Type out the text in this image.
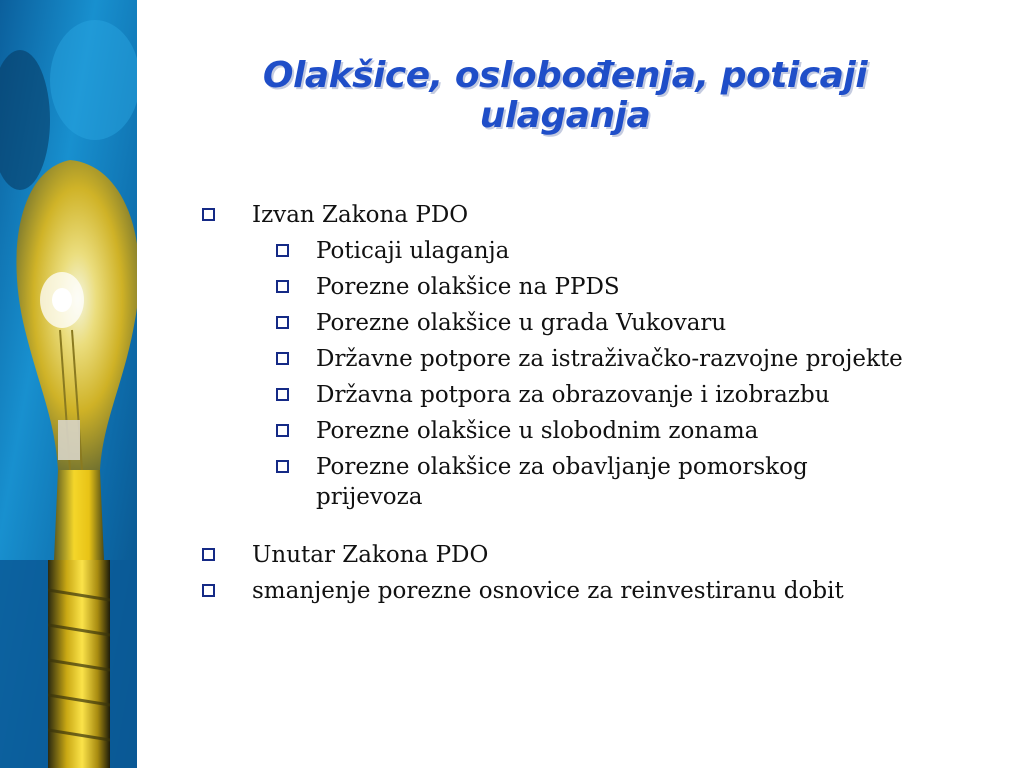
Olakšice, oslobođenja, poticaji ulaganja
Izvan Zakona PDO
Poticaji ulaganja
Porezne olakšice na PPDS
Porezne olakšice u grada Vukovaru
Državne potpore za istraživačko-razvojne projekte
Državna potpora za obrazovanje i izobrazbu
Porezne olakšice u slobodnim zonama
Porezne olakšice za obavljanje pomorskog prijevoza
Unutar Zakona PDO
smanjenje porezne osnovice za reinvestiranu dobit
